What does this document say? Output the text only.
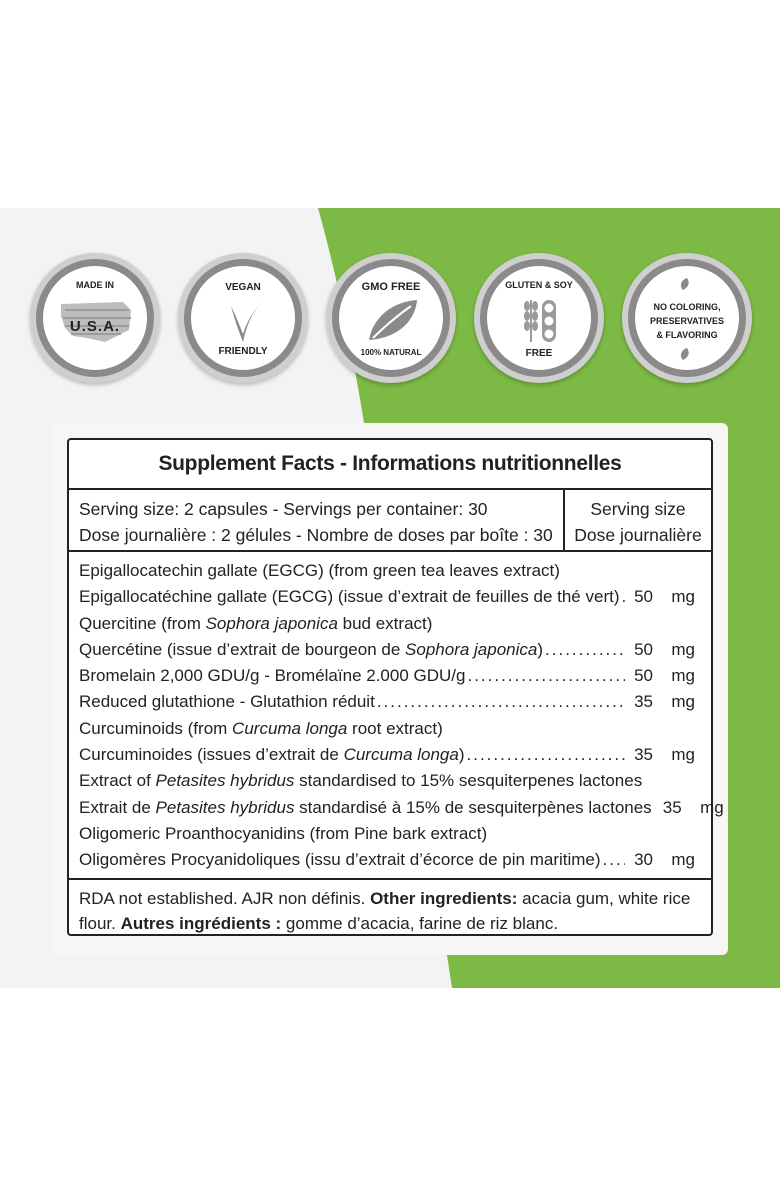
MADE IN
U.S.A.
VEGAN
FRIENDLY
GMO FREE
100% NATURAL
GLUTEN & SOY
FREE
NO COLORING,
PRESERVATIVES
& FLAVORING
Supplement Facts - Informations nutritionnelles
Serving size: 2 capsules - Servings per container: 30
Dose journalière : 2 gélules - Nombre de doses par boîte : 30
Serving size
Dose journalière
Epigallocatechin gallate (EGCG) (from green tea leaves extract)
Epigallocatéchine gallate (EGCG) (issue d’extrait de feuilles de thé vert) ..... 50	mg
Quercitine (from Sophora japonica bud extract)
Quercétine (issue d’extrait de bourgeon de Sophora japonica) .....	50	mg
Bromelain 2,000 GDU/g - Bromélaïne 2.000 GDU/g .....	50	mg
Reduced glutathione - Glutathion réduit .....	35	mg
Curcuminoids (from Curcuma longa root extract)
Curcuminoides (issues d’extrait de Curcuma longa) .....	35	mg
Extract of Petasites hybridus standardised to 15% sesquiterpenes lactones
Extrait de Petasites hybridus standardisé à 15% de sesquiterpènes lactones 35	mg
Oligomeric Proanthocyanidins (from Pine bark extract)
Oligomères Procyanidoliques (issu d’extrait d’écorce de pin maritime) .....	30	mg
RDA not established. AJR non définis. Other ingredients: acacia gum, white rice
flour. Autres ingrédients : gomme d’acacia, farine de riz blanc.
